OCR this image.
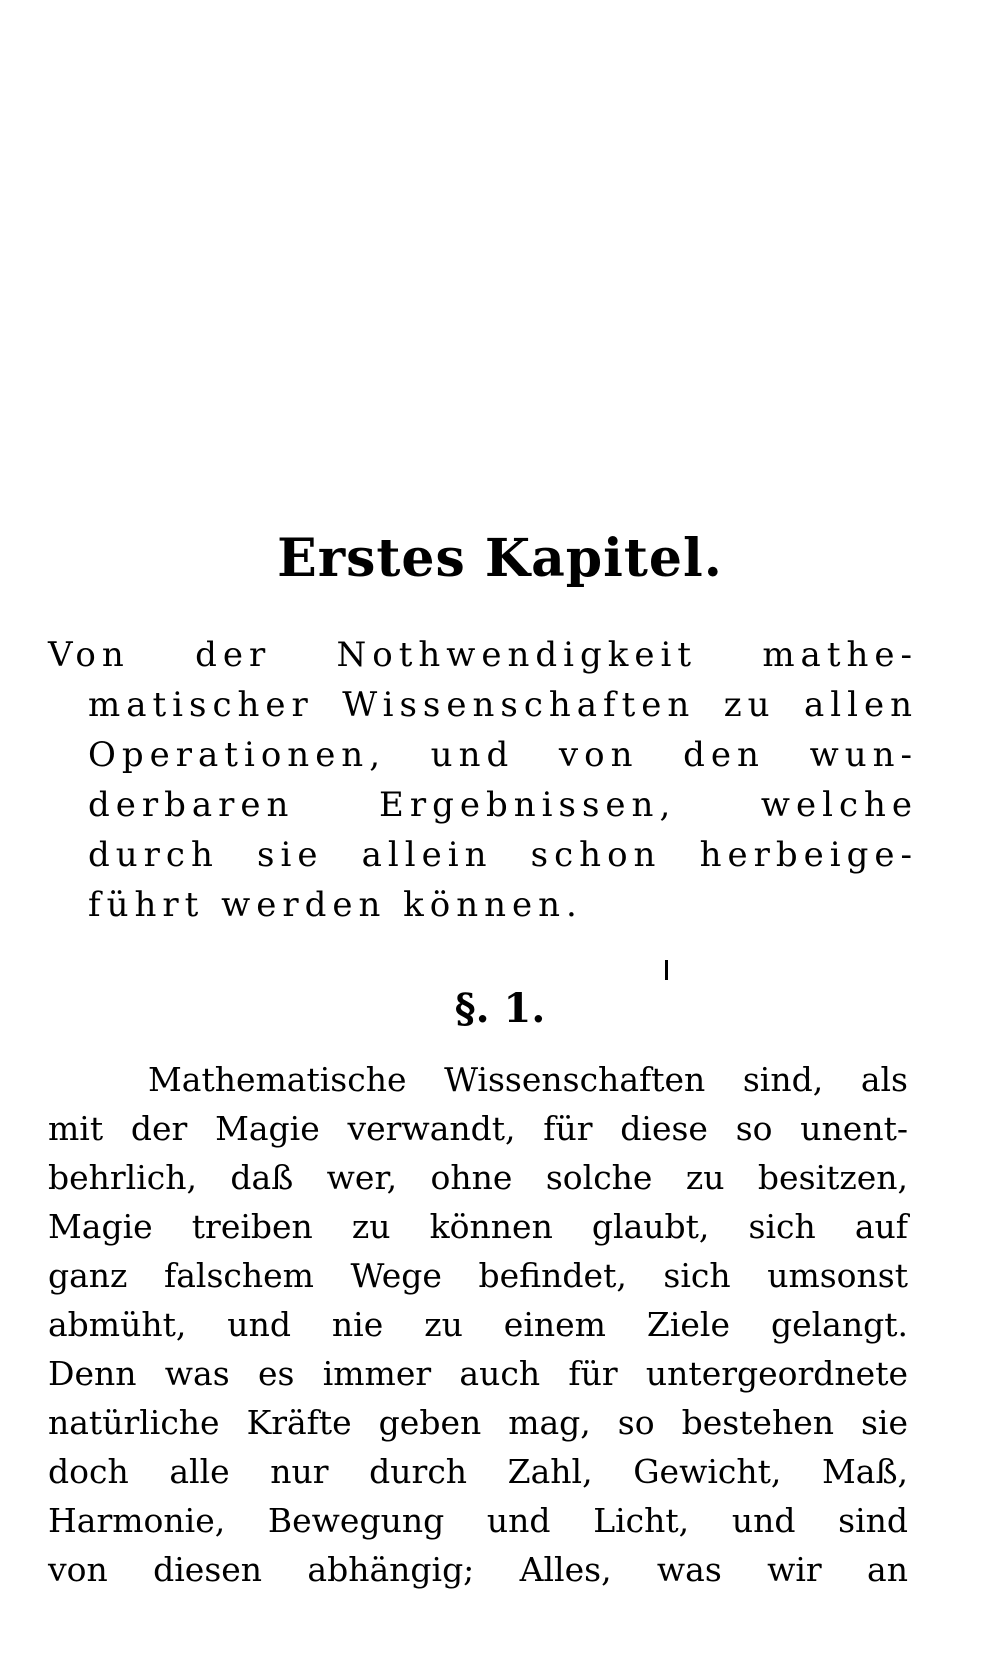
Erstes Kapitel.
Von der Nothwendigkeit mathe-
matischer Wissenschaften zu allen
Operationen, und von den wun-
derbaren Ergebnissen, welche
durch sie allein schon herbeige-
führt werden können.
§. 1.
Mathematische Wissenschaften sind, als
mit der Magie verwandt, für diese so unent-
behrlich, daß wer, ohne solche zu besitzen,
Magie treiben zu können glaubt, sich auf
ganz falschem Wege befindet, sich umsonst
abmüht, und nie zu einem Ziele gelangt.
Denn was es immer auch für untergeordnete
natürliche Kräfte geben mag, so bestehen sie
doch alle nur durch Zahl, Gewicht, Maß,
Harmonie, Bewegung und Licht, und sind
von diesen abhängig; Alles, was wir an
